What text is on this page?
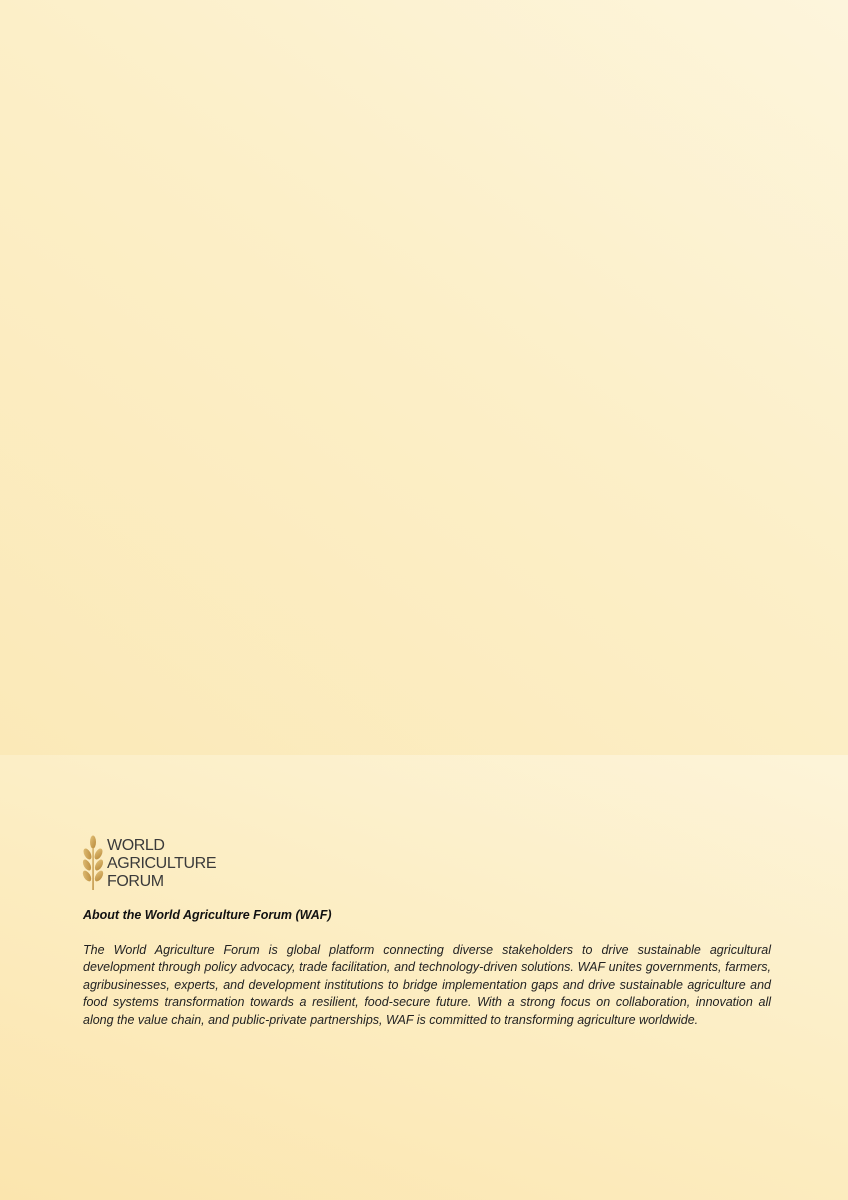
WORLD
AGRICULTURE
FORUM

About the World Agriculture Forum (WAF)

The World Agriculture Forum is global platform connecting diverse stakeholders to drive sustainable agricultural development through policy advocacy, trade facilitation, and technology-driven solutions. WAF unites governments, farmers, agribusinesses, experts, and development institutions to bridge implementation gaps and drive sustainable agriculture and food systems transformation towards a resilient, food-secure future. With a strong focus on collaboration, innovation all along the value chain, and public-private partnerships, WAF is committed to transforming agriculture worldwide.
